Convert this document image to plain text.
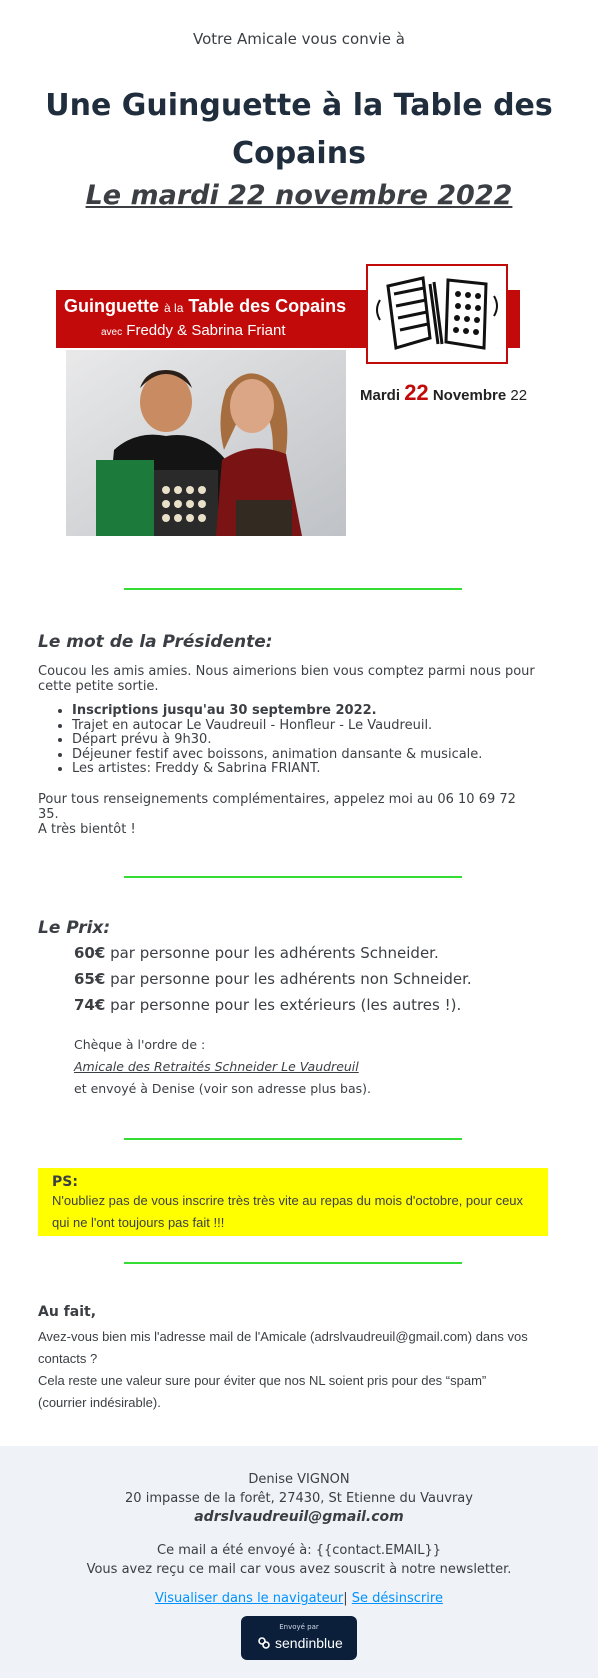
Votre Amicale vous convie à
Une Guinguette à la Table des Copains
Le mardi 22 novembre 2022
Guinguette à la Table des Copains
avec Freddy & Sabrina Friant
Mardi 22 Novembre 22
Le mot de la Présidente:
Coucou les amis amies. Nous aimerions bien vous comptez parmi nous pour cette petite sortie.
• Inscriptions jusqu'au 30 septembre 2022.
• Trajet en autocar Le Vaudreuil - Honfleur - Le Vaudreuil.
• Départ prévu à 9h30.
• Déjeuner festif avec boissons, animation dansante & musicale.
• Les artistes: Freddy & Sabrina FRIANT.
Pour tous renseignements complémentaires, appelez moi au 06 10 69 72 35.
A très bientôt !
Le Prix:
60€ par personne pour les adhérents Schneider.
65€ par personne pour les adhérents non Schneider.
74€ par personne pour les extérieurs (les autres !).
Chèque à l'ordre de :
Amicale des Retraités Schneider Le Vaudreuil
et envoyé à Denise (voir son adresse plus bas).
PS:
N'oubliez pas de vous inscrire très très vite au repas du mois d'octobre, pour ceux qui ne l'ont toujours pas fait !!!
Au fait,
Avez-vous bien mis l'adresse mail de l'Amicale (adrslvaudreuil@gmail.com) dans vos contacts ?
Cela reste une valeur sure pour éviter que nos NL soient pris pour des “spam” (courrier indésirable).
Denise VIGNON
20 impasse de la forêt, 27430, St Etienne du Vauvray
adrslvaudreuil@gmail.com
Ce mail a été envoyé à: {{contact.EMAIL}}
Vous avez reçu ce mail car vous avez souscrit à notre newsletter.
Visualiser dans le navigateur| Se désinscrire
Envoyé par
sendinblue
